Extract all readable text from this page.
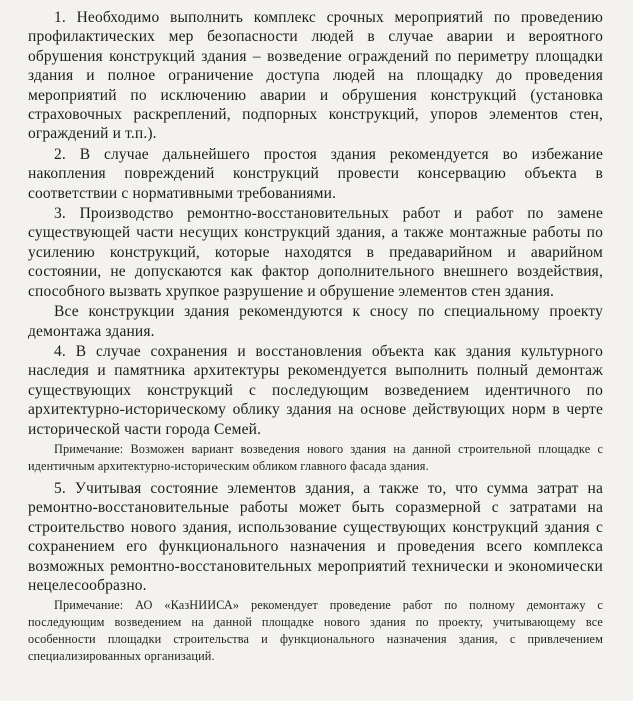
1. Необходимо выполнить комплекс срочных мероприятий по проведению профилактических мер безопасности людей в случае аварии и вероятного обрушения конструкций здания – возведение ограждений по периметру площадки здания и полное ограничение доступа людей на площадку до проведения мероприятий по исключению аварии и обрушения конструкций (установка страховочных раскреплений, подпорных конструкций, упоров элементов стен, ограждений и т.п.).

2. В случае дальнейшего простоя здания рекомендуется во избежание накопления повреждений конструкций провести консервацию объекта в соответствии с нормативными требованиями.

3. Производство ремонтно-восстановительных работ и работ по замене существующей части несущих конструкций здания, а также монтажные работы по усилению конструкций, которые находятся в предаварийном и аварийном состоянии, не допускаются как фактор дополнительного внешнего воздействия, способного вызвать хрупкое разрушение и обрушение элементов стен здания.

Все конструкции здания рекомендуются к сносу по специальному проекту демонтажа здания.

4. В случае сохранения и восстановления объекта как здания культурного наследия и памятника архитектуры рекомендуется выполнить полный демонтаж существующих конструкций с последующим возведением идентичного по архитектурно-историческому облику здания на основе действующих норм в черте исторической части города Семей.

Примечание: Возможен вариант возведения нового здания на данной строительной площадке с идентичным архитектурно-историческим обликом главного фасада здания.

5. Учитывая состояние элементов здания, а также то, что сумма затрат на ремонтно-восстановительные работы может быть соразмерной с затратами на строительство нового здания, использование существующих конструкций здания с сохранением его функционального назначения и проведения всего комплекса возможных ремонтно-восстановительных мероприятий технически и экономически нецелесообразно.

Примечание: АО «КазНИИСА» рекомендует проведение работ по полному демонтажу с последующим возведением на данной площадке нового здания по проекту, учитывающему все особенности площадки строительства и функционального назначения здания, с привлечением специализированных организаций.
